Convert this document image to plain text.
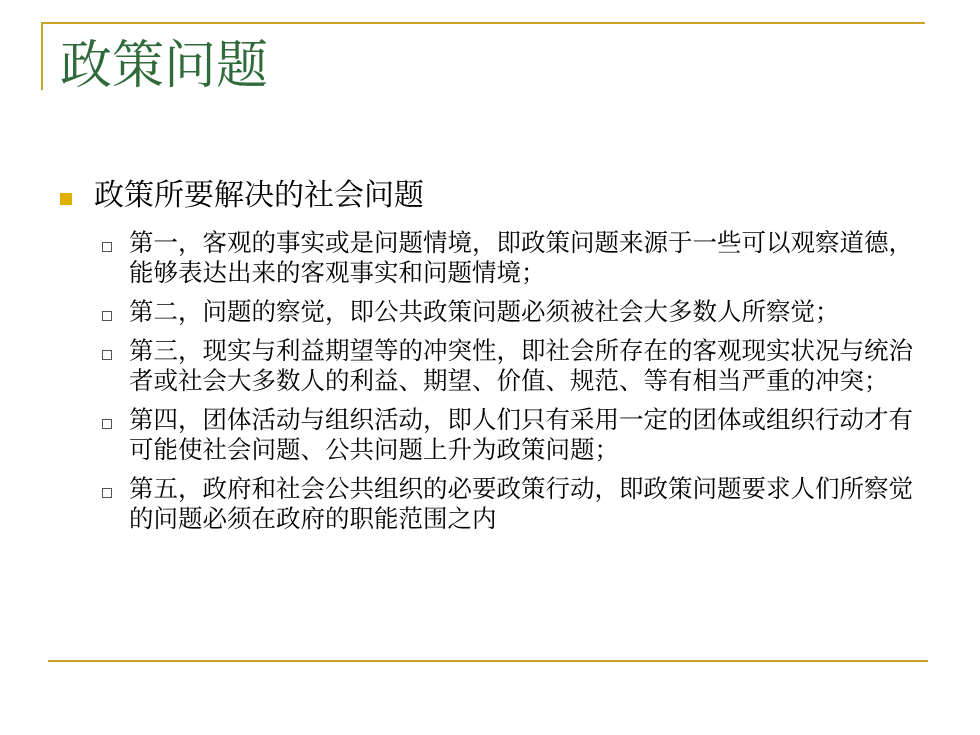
政策问题
政策所要解决的社会问题
第一，客观的事实或是问题情境，即政策问题来源于一些可以观察道德，能够表达出来的客观事实和问题情境；
第二，问题的察觉，即公共政策问题必须被社会大多数人所察觉；
第三，现实与利益期望等的冲突性，即社会所存在的客观现实状况与统治者或社会大多数人的利益、期望、价值、规范、等有相当严重的冲突；
第四，团体活动与组织活动，即人们只有采用一定的团体或组织行动才有可能使社会问题、公共问题上升为政策问题；
第五，政府和社会公共组织的必要政策行动，即政策问题要求人们所察觉的问题必须在政府的职能范围之内
